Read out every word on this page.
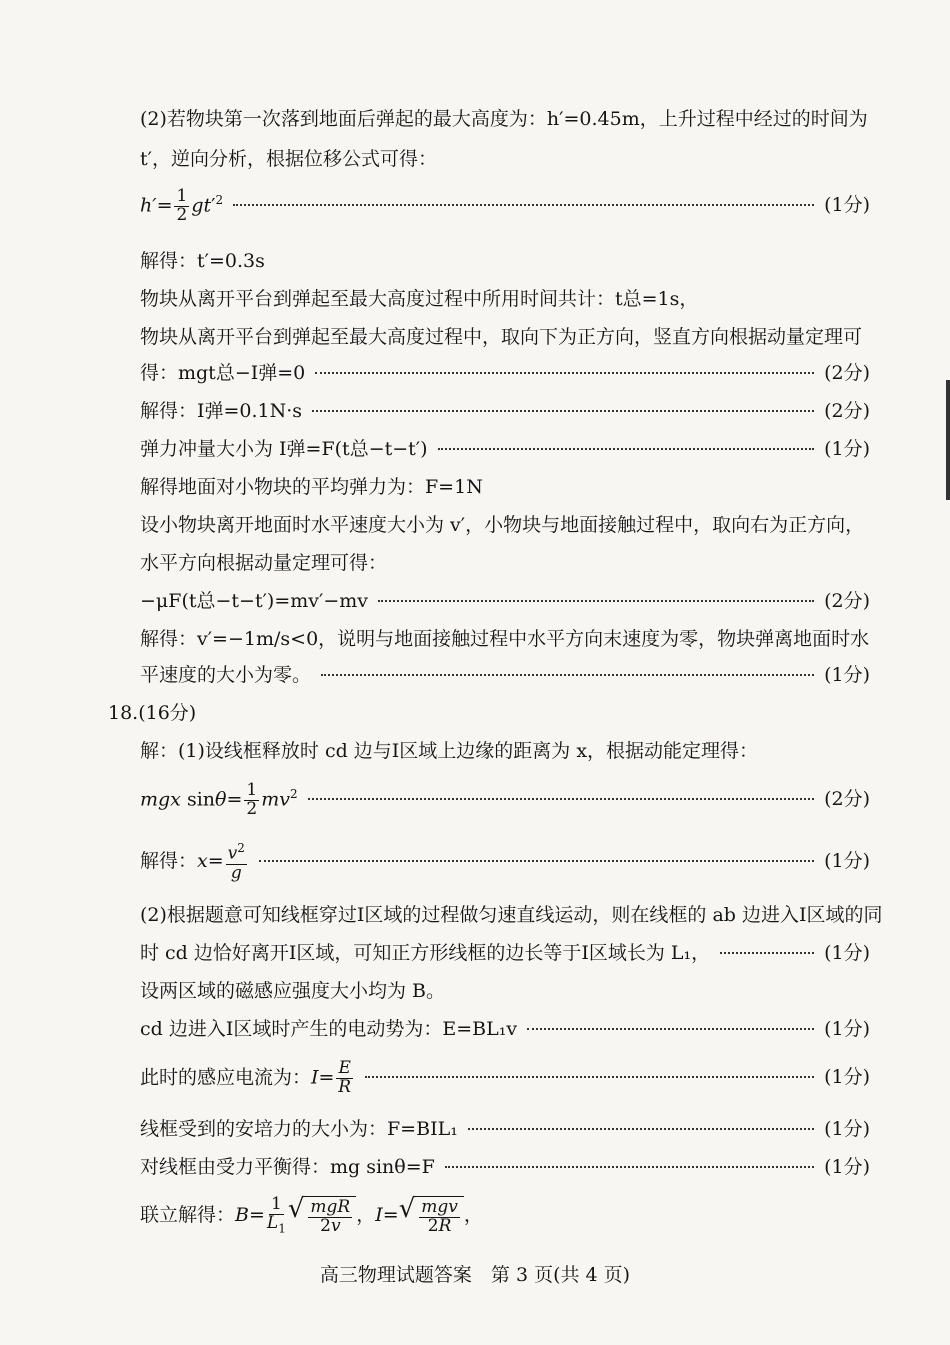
(2)若物块第一次落到地面后弹起的最大高度为：h′=0.45m，上升过程中经过的时间为
t′，逆向分析，根据位移公式可得：
$h'= \frac{1}{2} gt'^2$	(1分)
解得：t′=0.3s
物块从离开平台到弹起至最大高度过程中所用时间共计：t总=1s，
物块从离开平台到弹起至最大高度过程中，取向下为正方向，竖直方向根据动量定理可
得：mgt总−I弹=0	(2分)
解得：I弹=0.1N·s	(2分)
弹力冲量大小为 I弹=F(t总−t−t′)	(1分)
解得地面对小物块的平均弹力为：F=1N
设小物块离开地面时水平速度大小为 v′，小物块与地面接触过程中，取向右为正方向，
水平方向根据动量定理可得：
−μF(t总−t−t′)=mv′−mv	(2分)
解得：v′=−1m/s<0，说明与地面接触过程中水平方向末速度为零，物块弹离地面时水
平速度的大小为零。	(1分)
18.(16分)
解：(1)设线框释放时 cd 边与Ⅰ区域上边缘的距离为 x，根据动能定理得：
mgx $\sin\theta= \frac{1}{2} mv^2$	(2分)
解得：$x= \frac{v^2}{g}$	(1分)
(2)根据题意可知线框穿过Ⅰ区域的过程做匀速直线运动，则在线框的 ab 边进入Ⅰ区域的同
时 cd 边恰好离开Ⅰ区域，可知正方形线框的边长等于Ⅰ区域长为 L₁，	(1分)
设两区域的磁感应强度大小均为 B。
cd 边进入Ⅰ区域时产生的电动势为：E=BL₁v	(1分)
此时的感应电流为：$I= \frac{E}{R}$	(1分)
线框受到的安培力的大小为：F=BIL₁	(1分)
对线框由受力平衡得：mg sinθ=F	(1分)
联立解得：$B= \frac{1}{L_1}$ √ $\frac{\text{mgR}}{2v}$ ，I= √ $\frac{\text{mgv}}{2R}$ ，
高三物理试题答案　第 3 页(共 4 页)
